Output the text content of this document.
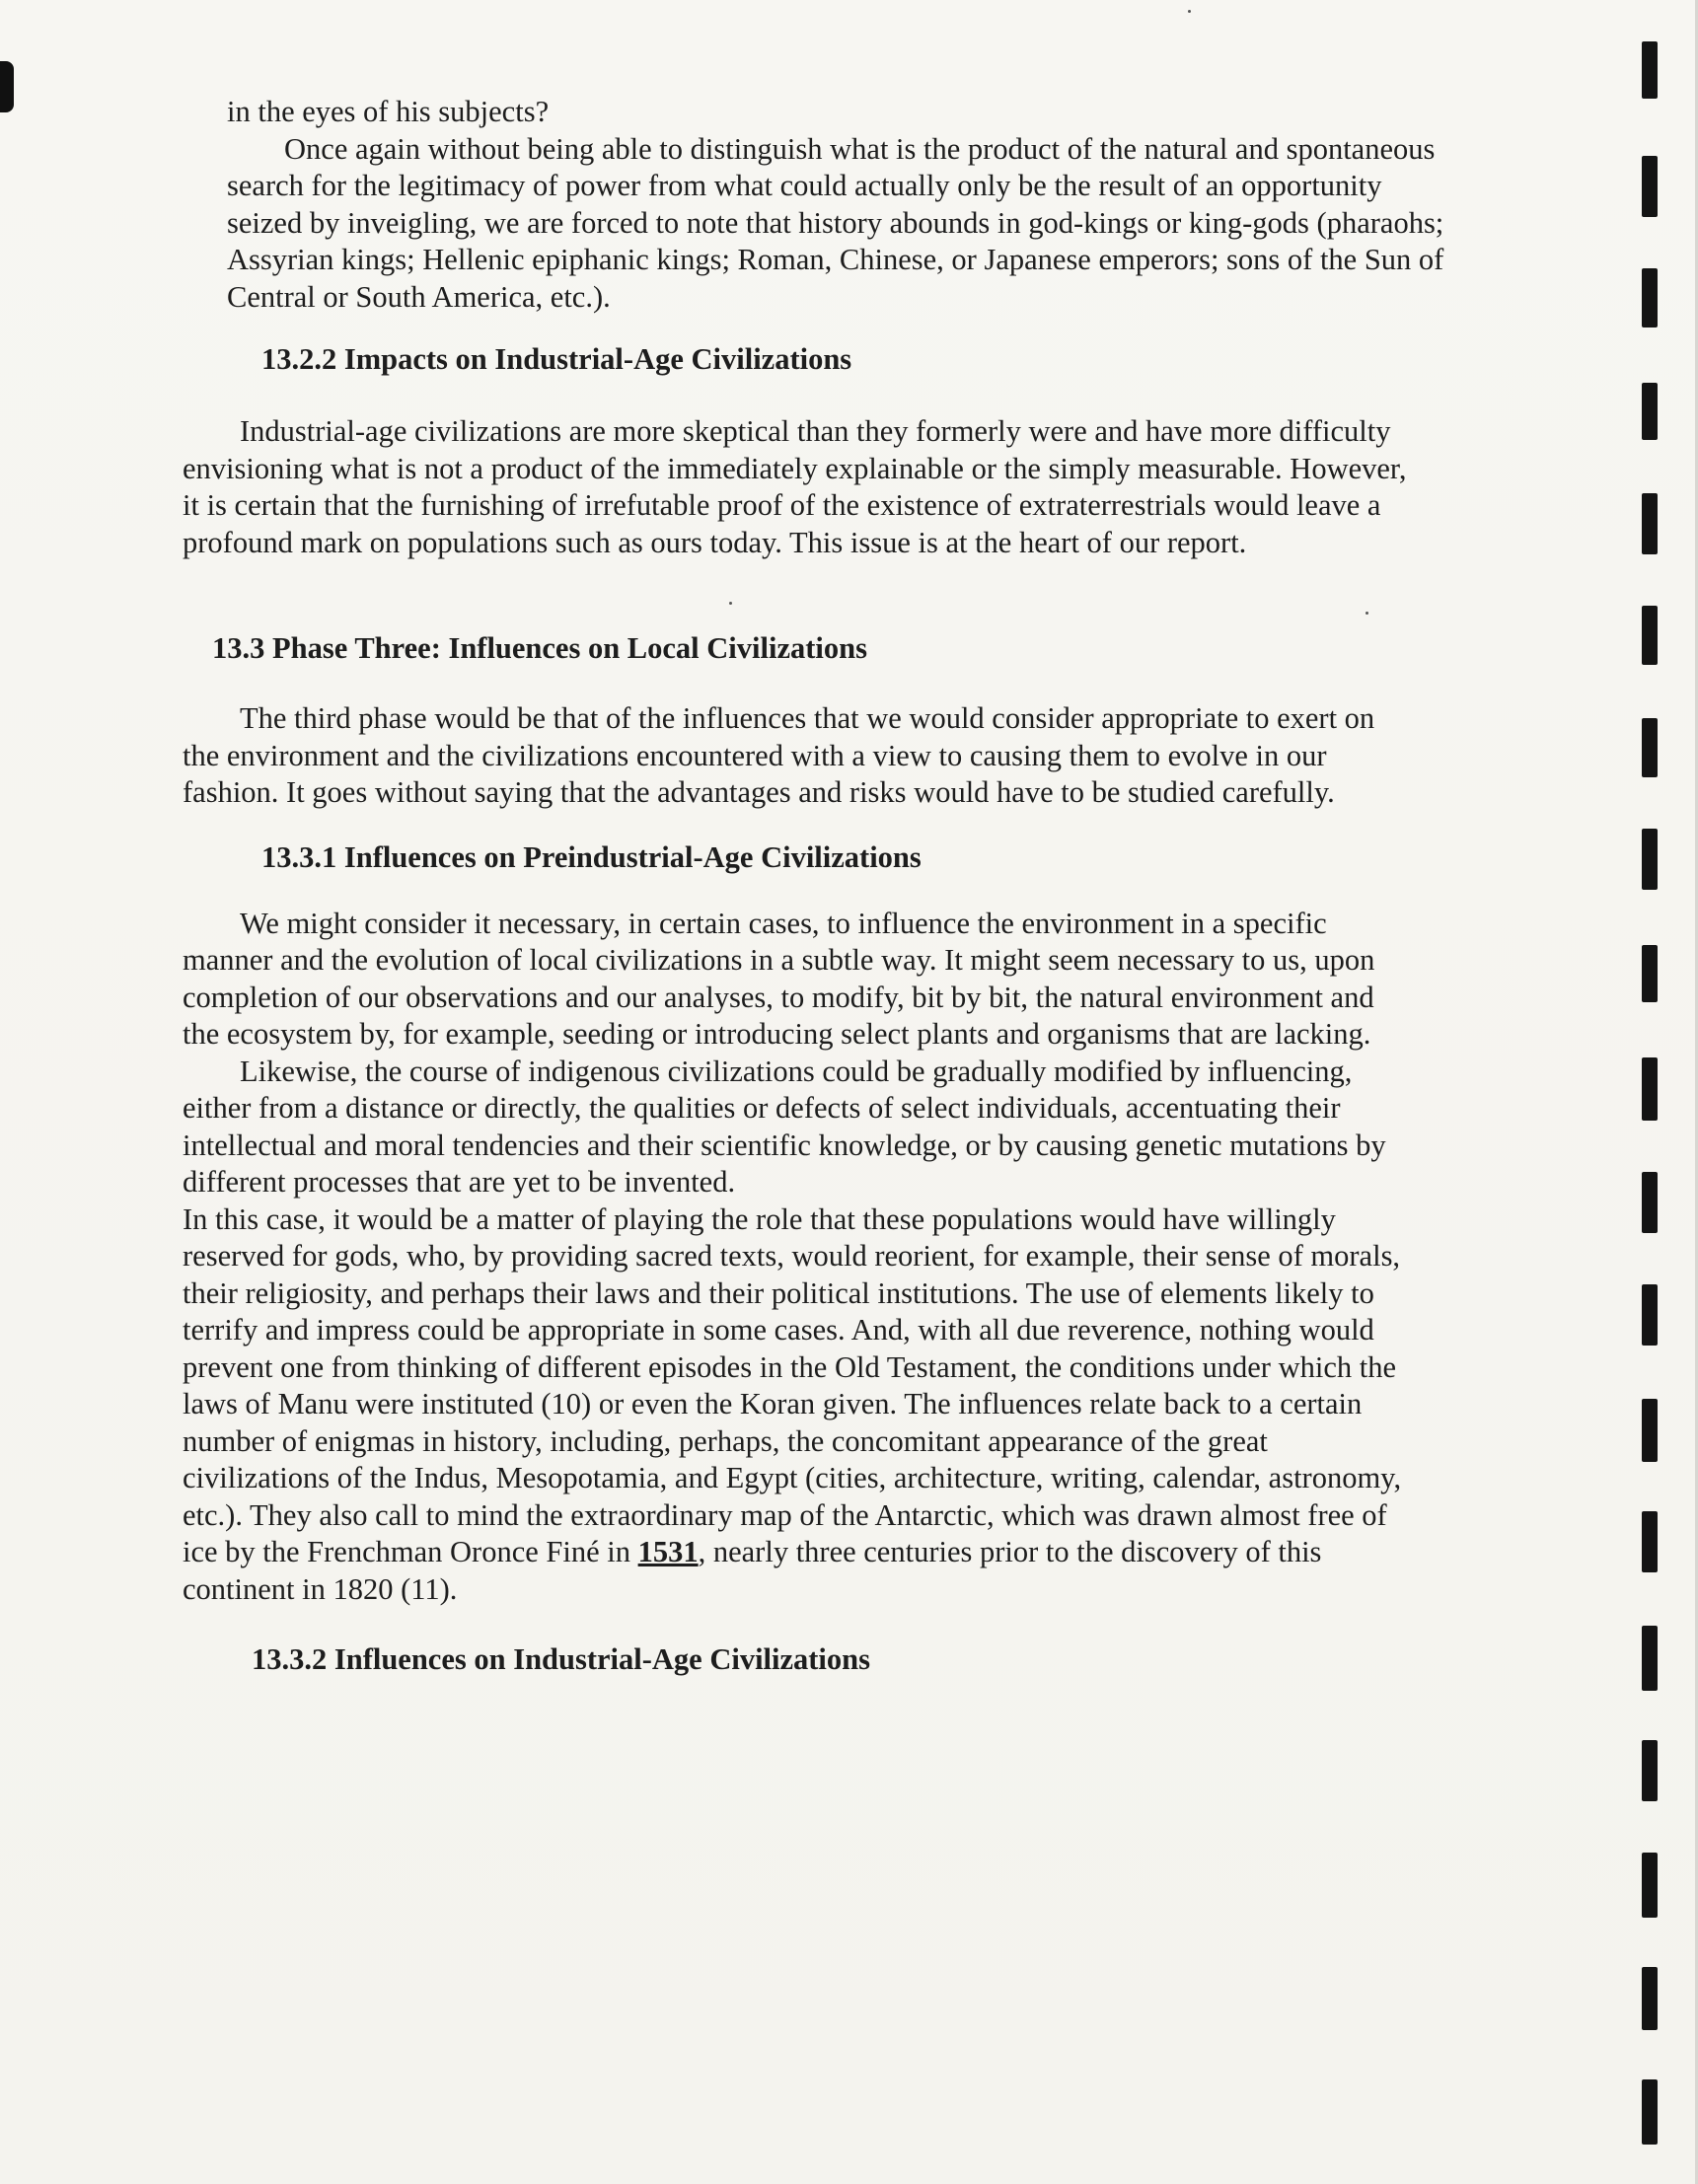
in the eyes of his subjects?

Once again without being able to distinguish what is the product of the natural and spontaneous search for the legitimacy of power from what could actually only be the result of an opportunity seized by inveigling, we are forced to note that history abounds in god-kings or king-gods (pharaohs; Assyrian kings; Hellenic epiphanic kings; Roman, Chinese, or Japanese emperors; sons of the Sun of Central or South America, etc.).

13.2.2 Impacts on Industrial-Age Civilizations

Industrial-age civilizations are more skeptical than they formerly were and have more difficulty envisioning what is not a product of the immediately explainable or the simply measurable. However, it is certain that the furnishing of irrefutable proof of the existence of extraterrestrials would leave a profound mark on populations such as ours today. This issue is at the heart of our report.

13.3 Phase Three: Influences on Local Civilizations

The third phase would be that of the influences that we would consider appropriate to exert on the environment and the civilizations encountered with a view to causing them to evolve in our fashion. It goes without saying that the advantages and risks would have to be studied carefully.

13.3.1 Influences on Preindustrial-Age Civilizations

We might consider it necessary, in certain cases, to influence the environment in a specific manner and the evolution of local civilizations in a subtle way. It might seem necessary to us, upon completion of our observations and our analyses, to modify, bit by bit, the natural environment and the ecosystem by, for example, seeding or introducing select plants and organisms that are lacking.

Likewise, the course of indigenous civilizations could be gradually modified by influencing, either from a distance or directly, the qualities or defects of select individuals, accentuating their intellectual and moral tendencies and their scientific knowledge, or by causing genetic mutations by different processes that are yet to be invented.

In this case, it would be a matter of playing the role that these populations would have willingly reserved for gods, who, by providing sacred texts, would reorient, for example, their sense of morals, their religiosity, and perhaps their laws and their political institutions. The use of elements likely to terrify and impress could be appropriate in some cases. And, with all due reverence, nothing would prevent one from thinking of different episodes in the Old Testament, the conditions under which the laws of Manu were instituted (10) or even the Koran given. The influences relate back to a certain number of enigmas in history, including, perhaps, the concomitant appearance of the great civilizations of the Indus, Mesopotamia, and Egypt (cities, architecture, writing, calendar, astronomy, etc.). They also call to mind the extraordinary map of the Antarctic, which was drawn almost free of ice by the Frenchman Oronce Finé in 1531, nearly three centuries prior to the discovery of this continent in 1820 (11).

13.3.2 Influences on Industrial-Age Civilizations
